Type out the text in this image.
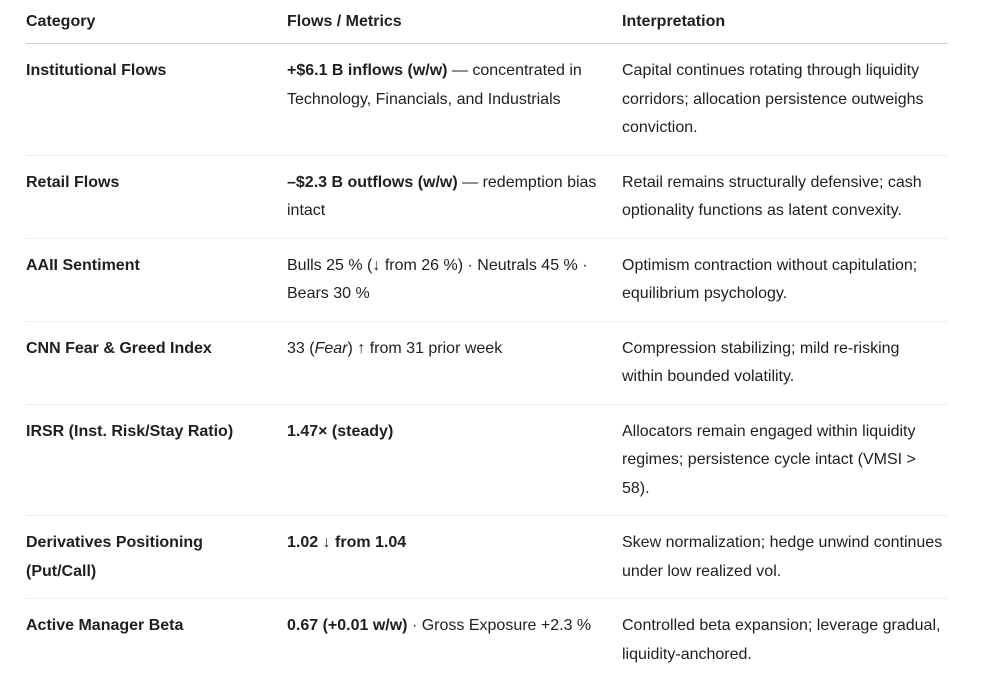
Category	Flows / Metrics	Interpretation
Institutional Flows	+$6.1 B inflows (w/w) — concentrated in Technology, Financials, and Industrials	Capital continues rotating through liquidity corridors; allocation persistence outweighs conviction.
Retail Flows	–$2.3 B outflows (w/w) — redemption bias intact	Retail remains structurally defensive; cash optionality functions as latent convexity.
AAII Sentiment	Bulls 25 % (↓ from 26 %) · Neutrals 45 % · Bears 30 %	Optimism contraction without capitulation; equilibrium psychology.
CNN Fear & Greed Index	33 (Fear) ↑ from 31 prior week	Compression stabilizing; mild re-risking within bounded volatility.
IRSR (Inst. Risk/Stay Ratio)	1.47× (steady)	Allocators remain engaged within liquidity regimes; persistence cycle intact (VMSI > 58).
Derivatives Positioning (Put/Call)	1.02 ↓ from 1.04	Skew normalization; hedge unwind continues under low realized vol.
Active Manager Beta	0.67 (+0.01 w/w) · Gross Exposure +2.3 %	Controlled beta expansion; leverage gradual, liquidity-anchored.
